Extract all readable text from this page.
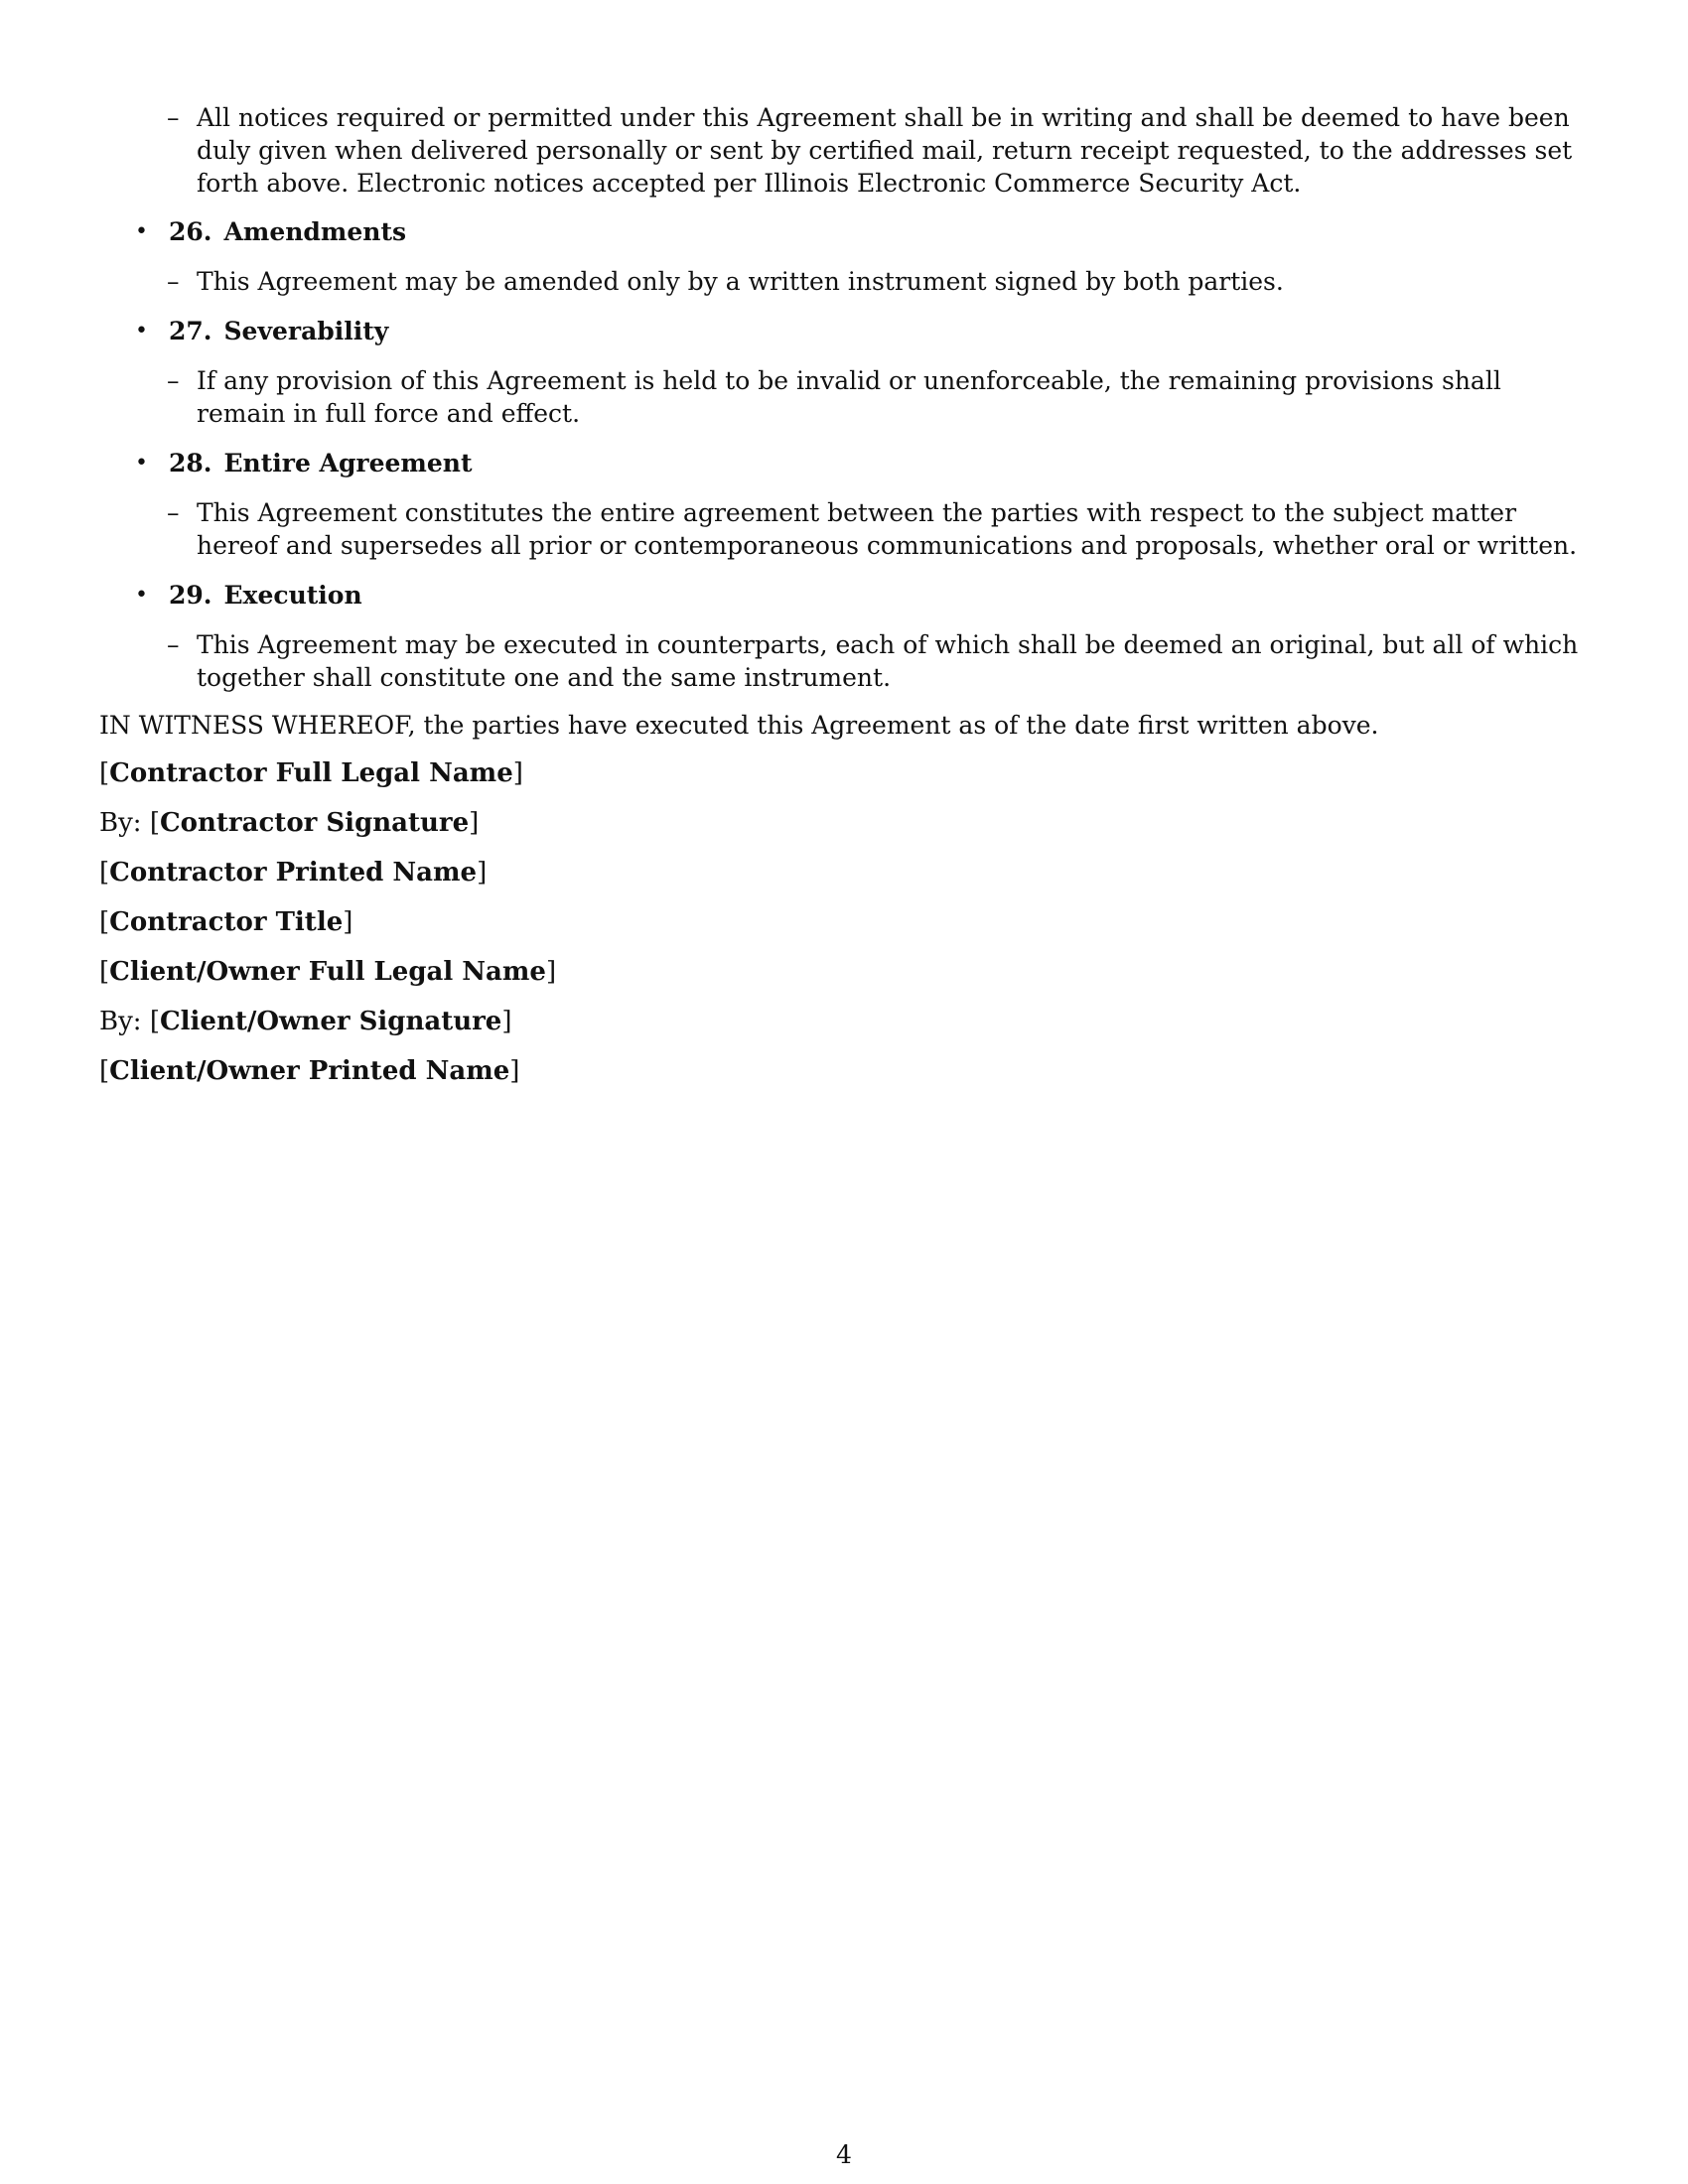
– All notices required or permitted under this Agreement shall be in writing and shall be deemed to have been duly given when delivered personally or sent by certified mail, return receipt requested, to the addresses set forth above. Electronic notices accepted per Illinois Electronic Commerce Security Act.
• 26. Amendments
– This Agreement may be amended only by a written instrument signed by both parties.
• 27. Severability
– If any provision of this Agreement is held to be invalid or unenforceable, the remaining provisions shall remain in full force and effect.
• 28. Entire Agreement
– This Agreement constitutes the entire agreement between the parties with respect to the subject matter hereof and supersedes all prior or contemporaneous communications and proposals, whether oral or written.
• 29. Execution
– This Agreement may be executed in counterparts, each of which shall be deemed an original, but all of which together shall constitute one and the same instrument.
IN WITNESS WHEREOF, the parties have executed this Agreement as of the date first written above.
[Contractor Full Legal Name]
By: [Contractor Signature]
[Contractor Printed Name]
[Contractor Title]
[Client/Owner Full Legal Name]
By: [Client/Owner Signature]
[Client/Owner Printed Name]
4
